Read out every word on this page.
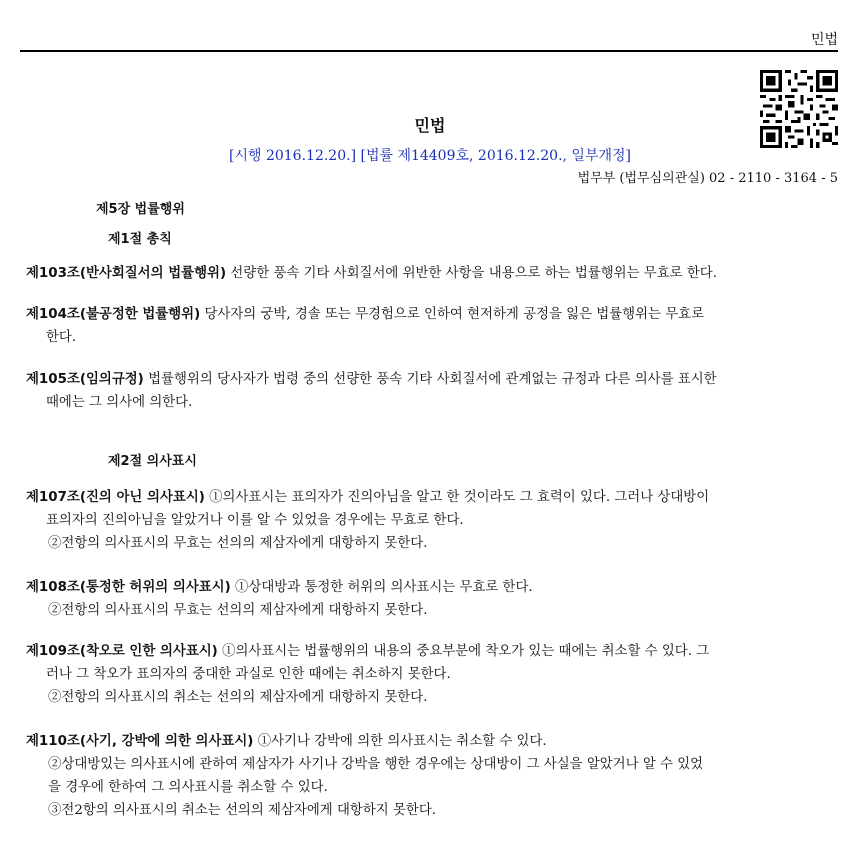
민법
민법
[시행 2016.12.20.] [법률 제14409호, 2016.12.20., 일부개정]
법무부 (법무심의관실) 02 - 2110 - 3164 - 5
제5장 법률행위
제1절 총칙
제103조(반사회질서의 법률행위) 선량한 풍속 기타 사회질서에 위반한 사항을 내용으로 하는 법률행위는 무효로 한다.
제104조(불공정한 법률행위) 당사자의 궁박, 경솔 또는 무경험으로 인하여 현저하게 공정을 잃은 법률행위는 무효로
한다.
제105조(임의규정) 법률행위의 당사자가 법령 중의 선량한 풍속 기타 사회질서에 관계없는 규정과 다른 의사를 표시한
때에는 그 의사에 의한다.
제2절 의사표시
제107조(진의 아닌 의사표시) ①의사표시는 표의자가 진의아님을 알고 한 것이라도 그 효력이 있다. 그러나 상대방이
표의자의 진의아님을 알았거나 이를 알 수 있었을 경우에는 무효로 한다.
②전항의 의사표시의 무효는 선의의 제삼자에게 대항하지 못한다.
제108조(통정한 허위의 의사표시) ①상대방과 통정한 허위의 의사표시는 무효로 한다.
②전항의 의사표시의 무효는 선의의 제삼자에게 대항하지 못한다.
제109조(착오로 인한 의사표시) ①의사표시는 법률행위의 내용의 중요부분에 착오가 있는 때에는 취소할 수 있다. 그
러나 그 착오가 표의자의 중대한 과실로 인한 때에는 취소하지 못한다.
②전항의 의사표시의 취소는 선의의 제삼자에게 대항하지 못한다.
제110조(사기, 강박에 의한 의사표시) ①사기나 강박에 의한 의사표시는 취소할 수 있다.
②상대방있는 의사표시에 관하여 제삼자가 사기나 강박을 행한 경우에는 상대방이 그 사실을 알았거나 알 수 있었
을 경우에 한하여 그 의사표시를 취소할 수 있다.
③전2항의 의사표시의 취소는 선의의 제삼자에게 대항하지 못한다.
